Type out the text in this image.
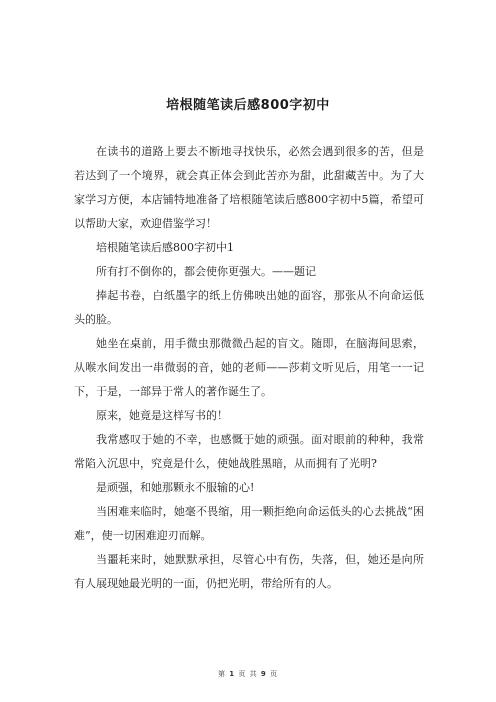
培根随笔读后感800字初中

在读书的道路上要去不断地寻找快乐，必然会遇到很多的苦，但是若达到了一个境界，就会真正体会到此苦亦为甜，此甜藏苦中。为了大家学习方便，本店铺特地准备了培根随笔读后感800字初中5篇，希望可以帮助大家，欢迎借鉴学习！

培根随笔读后感800字初中1

所有打不倒你的，都会使你更强大。——题记

捧起书卷，白纸墨字的纸上仿佛映出她的面容，那张从不向命运低头的脸。

她坐在桌前，用手微虫那微微凸起的盲文。随即，在脑海间思索，从喉水间发出一串微弱的音，她的老师——莎莉文听见后，用笔一一记下，于是，一部异于常人的著作诞生了。

原来，她竟是这样写书的！

我常感叹于她的不幸，也感慨于她的顽强。面对眼前的种种，我常常陷入沉思中，究竟是什么，使她战胜黑暗，从而拥有了光明?

是顽强，和她那颗永不服输的心!

当困难来临时，她毫不畏缩，用一颗拒绝向命运低头的心去挑战“困难”，使一切困难迎刃而解。

当噩耗来时，她默默承担，尽管心中有伤，失落，但，她还是向所有人展现她最光明的一面，仍把光明，带给所有的人。

第 1 页 共 9 页
